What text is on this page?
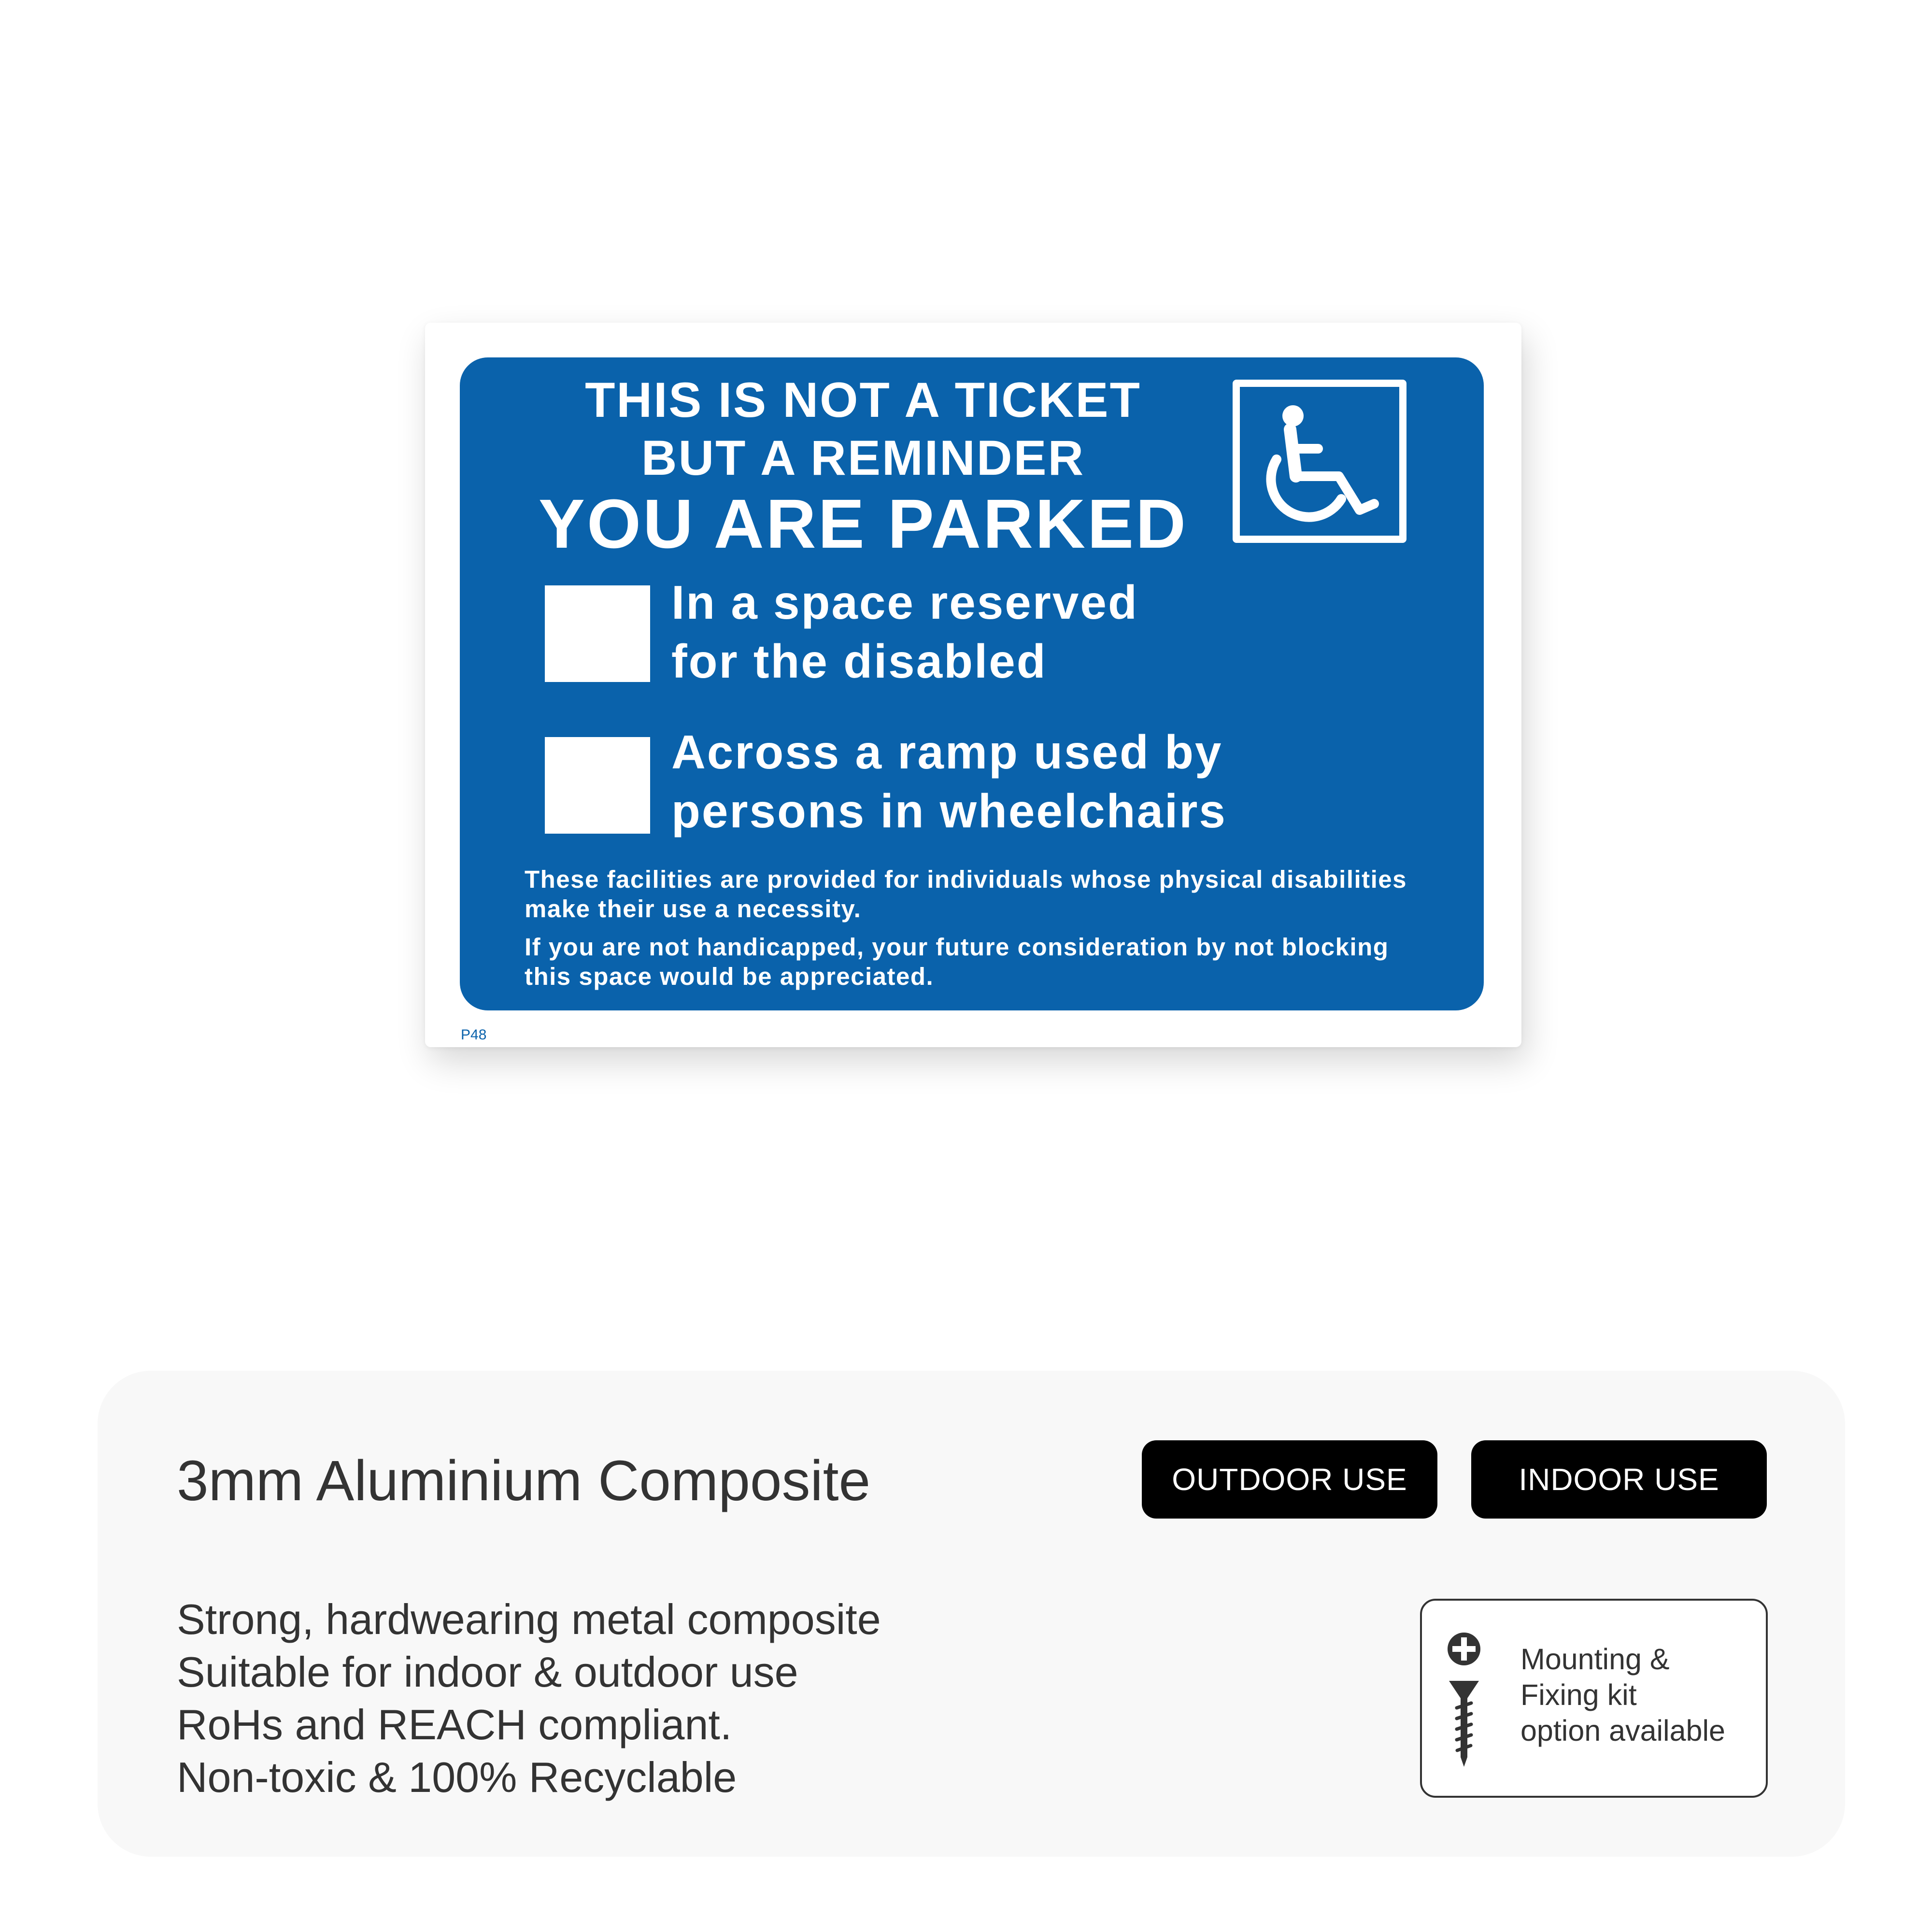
THIS IS NOT A TICKET
BUT A REMINDER
YOU ARE PARKED

In a space reserved
for the disabled

Across a ramp used by
persons in wheelchairs

These facilities are provided for individuals whose physical disabilities
make their use a necessity.

If you are not handicapped, your future consideration by not blocking
this space would be appreciated.

P48
3mm Aluminium Composite	OUTDOOR USE	INDOOR USE
Strong, hardwearing metal composite
Suitable for indoor & outdoor use
RoHs and REACH compliant.
Non-toxic & 100% Recyclable

Mounting &
Fixing kit
option available
